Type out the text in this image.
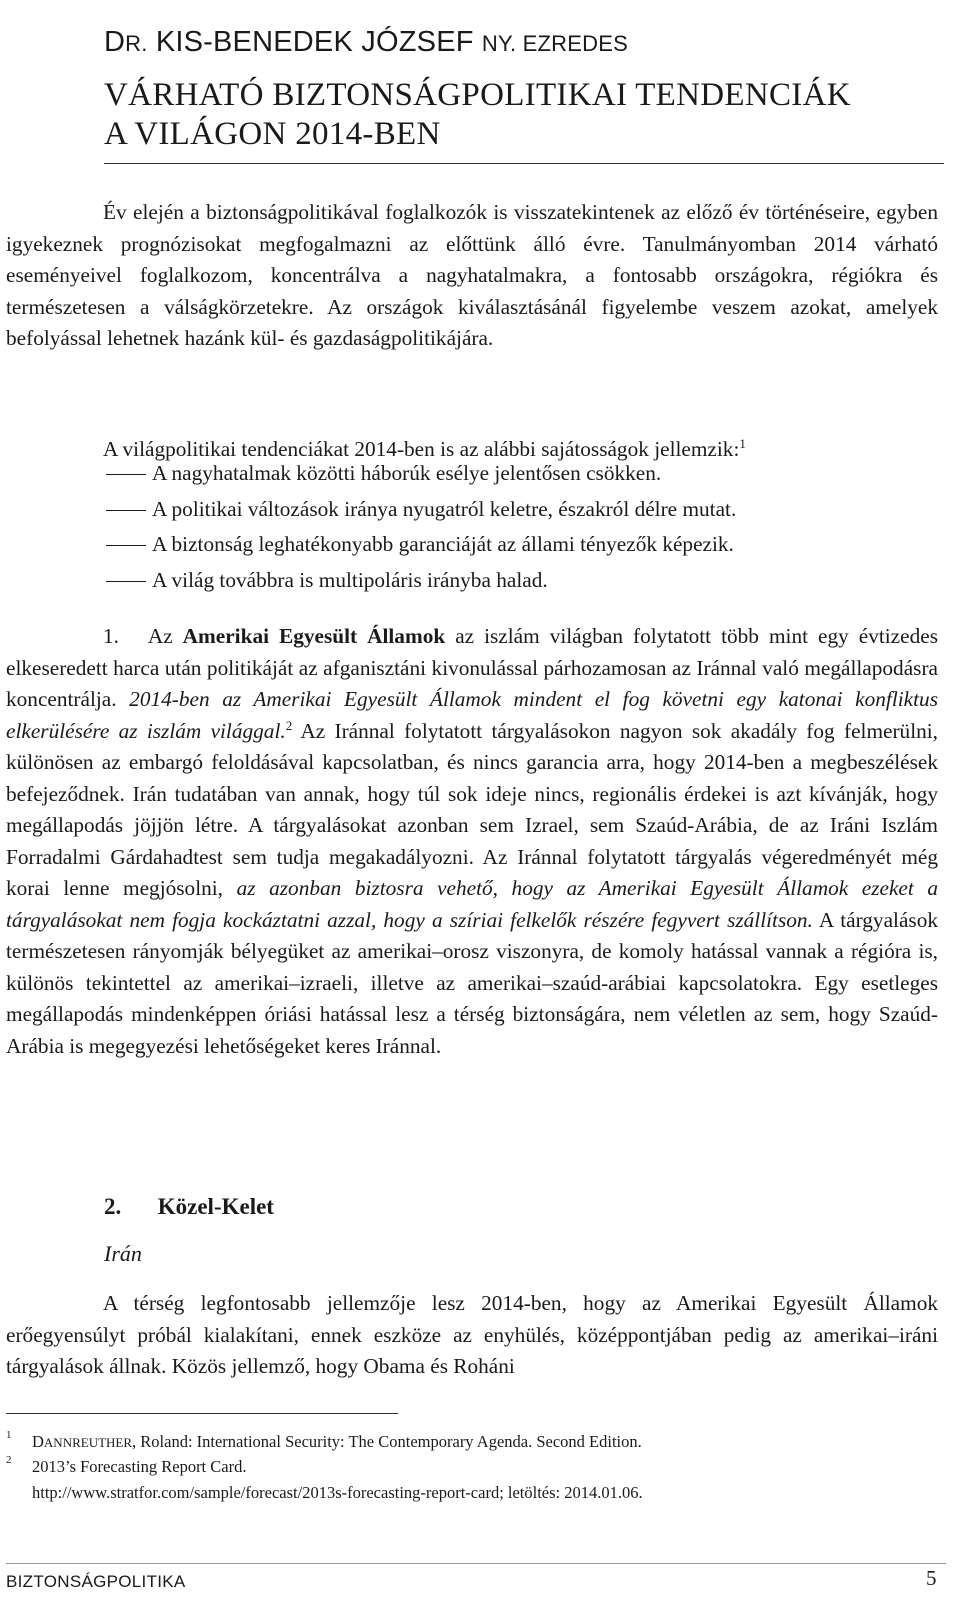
DR. KIS-BENEDEK JÓZSEF NY. EZREDES
VÁRHATÓ BIZTONSÁGPOLITIKAI TENDENCIÁK
A VILÁGON 2014-BEN

Év elején a biztonságpolitikával foglalkozók is visszatekintenek az előző év történéseire, egyben igyekeznek prognózisokat megfogalmazni az előttünk álló évre. Tanulmányomban 2014 várható eseményeivel foglalkozom, koncentrálva a nagyhatalmakra, a fontosabb országokra, régiókra és természetesen a válságkörzetekre. Az országok kiválasztásánál figyelembe veszem azokat, amelyek befolyással lehetnek hazánk kül- és gazdaságpolitikájára.

A világpolitikai tendenciákat 2014-ben is az alábbi sajátosságok jellemzik:$^1$

A nagyhatalmak közötti háborúk esélye jelentősen csökken.
A politikai változások iránya nyugatról keletre, északról délre mutat.
A biztonság leghatékonyabb garanciáját az állami tényezők képezik.
A világ továbbra is multipoláris irányba halad.

1. Az Amerikai Egyesült Államok az iszlám világban folytatott több mint egy évtizedes elkeseredett harca után politikáját az afganisztáni kivonulással párhozamosan az Iránnal való megállapodásra koncentrálja. 2014-ben az Amerikai Egyesült Államok mindent el fog követni egy katonai konfliktus elkerülésére az iszlám világgal.$^2$ Az Iránnal folytatott tárgyalásokon nagyon sok akadály fog felmerülni, különösen az embargó feloldásával kapcsolatban, és nincs garancia arra, hogy 2014-ben a megbeszélések befejeződnek. Irán tudatában van annak, hogy túl sok ideje nincs, regionális érdekei is azt kívánják, hogy megállapodás jöjjön létre. A tárgyalásokat azonban sem Izrael, sem Szaúd-Arábia, de az Iráni Iszlám Forradalmi Gárdahadtest sem tudja megakadályozni. Az Iránnal folytatott tárgyalás végeredményét még korai lenne megjósolni, az azonban biztosra vehető, hogy az Amerikai Egyesült Államok ezeket a tárgyalásokat nem fogja kockáztatni azzal, hogy a szíriai felkelők részére fegyvert szállítson. A tárgyalások természetesen rányomják bélyegüket az amerikai–orosz viszonyra, de komoly hatással vannak a régióra is, különös tekintettel az amerikai–izraeli, illetve az amerikai–szaúd-arábiai kapcsolatokra. Egy esetleges megállapodás mindenképpen óriási hatással lesz a térség biztonságára, nem véletlen az sem, hogy Szaúd-Arábia is megegyezési lehetőségeket keres Iránnal.

2. Közel-Kelet
Irán

A térség legfontosabb jellemzője lesz 2014-ben, hogy az Amerikai Egyesült Államok erőegyensúlyt próbál kialakítani, ennek eszköze az enyhülés, középpontjában pedig az amerikai–iráni tárgyalások állnak. Közös jellemző, hogy Obama és Roháni

1 DANNREUTHER, Roland: International Security: The Contemporary Agenda. Second Edition.
2 2013’s Forecasting Report Card.
http://www.stratfor.com/sample/forecast/2013s-forecasting-report-card; letöltés: 2014.01.06.
BIZTONSÁGPOLITIKA	5
